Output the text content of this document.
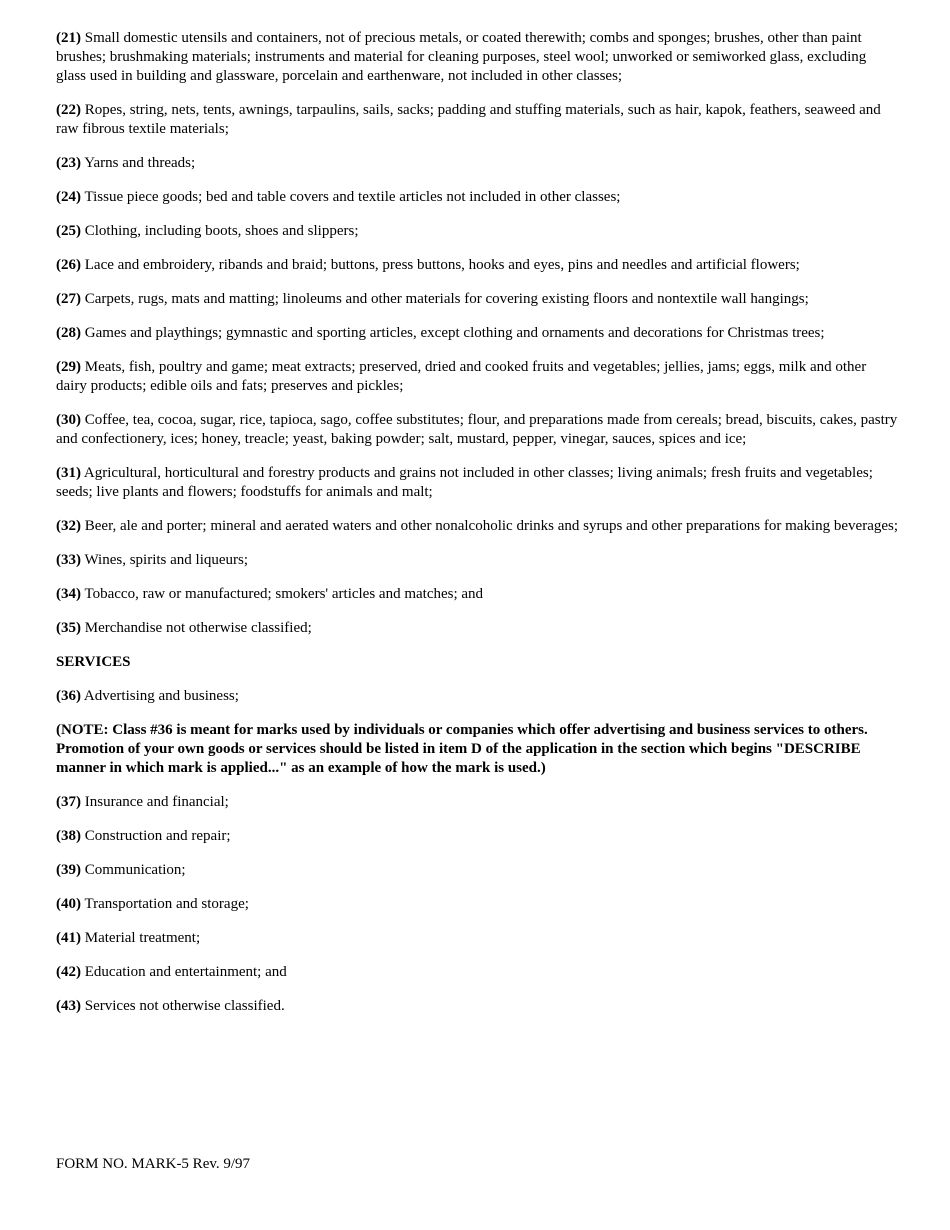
(21) Small domestic utensils and containers, not of precious metals, or coated therewith; combs and sponges; brushes, other than paint brushes; brushmaking materials; instruments and material for cleaning purposes, steel wool; unworked or semiworked glass, excluding glass used in building and glassware, porcelain and earthenware, not included in other classes;
(22) Ropes, string, nets, tents, awnings, tarpaulins, sails, sacks; padding and stuffing materials, such as hair, kapok, feathers, seaweed and raw fibrous textile materials;
(23) Yarns and threads;
(24) Tissue piece goods; bed and table covers and textile articles not included in other classes;
(25) Clothing, including boots, shoes and slippers;
(26) Lace and embroidery, ribands and braid; buttons, press buttons, hooks and eyes, pins and needles and artificial flowers;
(27) Carpets, rugs, mats and matting; linoleums and other materials for covering existing floors and nontextile wall hangings;
(28) Games and playthings; gymnastic and sporting articles, except clothing and ornaments and decorations for Christmas trees;
(29) Meats, fish, poultry and game; meat extracts; preserved, dried and cooked fruits and vegetables; jellies, jams; eggs, milk and other dairy products; edible oils and fats; preserves and pickles;
(30) Coffee, tea, cocoa, sugar, rice, tapioca, sago, coffee substitutes; flour, and preparations made from cereals; bread, biscuits, cakes, pastry and confectionery, ices; honey, treacle; yeast, baking powder; salt, mustard, pepper, vinegar, sauces, spices and ice;
(31) Agricultural, horticultural and forestry products and grains not included in other classes; living animals; fresh fruits and vegetables; seeds; live plants and flowers; foodstuffs for animals and malt;
(32) Beer, ale and porter; mineral and aerated waters and other nonalcoholic drinks and syrups and other preparations for making beverages;
(33) Wines, spirits and liqueurs;
(34) Tobacco, raw or manufactured; smokers' articles and matches; and
(35) Merchandise not otherwise classified;
SERVICES
(36) Advertising and business;
(NOTE: Class #36 is meant for marks used by individuals or companies which offer advertising and business services to others. Promotion of your own goods or services should be listed in item D of the application in the section which begins "DESCRIBE manner in which mark is applied..." as an example of how the mark is used.)
(37) Insurance and financial;
(38) Construction and repair;
(39) Communication;
(40) Transportation and storage;
(41) Material treatment;
(42) Education and entertainment; and
(43) Services not otherwise classified.
FORM NO. MARK-5 Rev. 9/97
